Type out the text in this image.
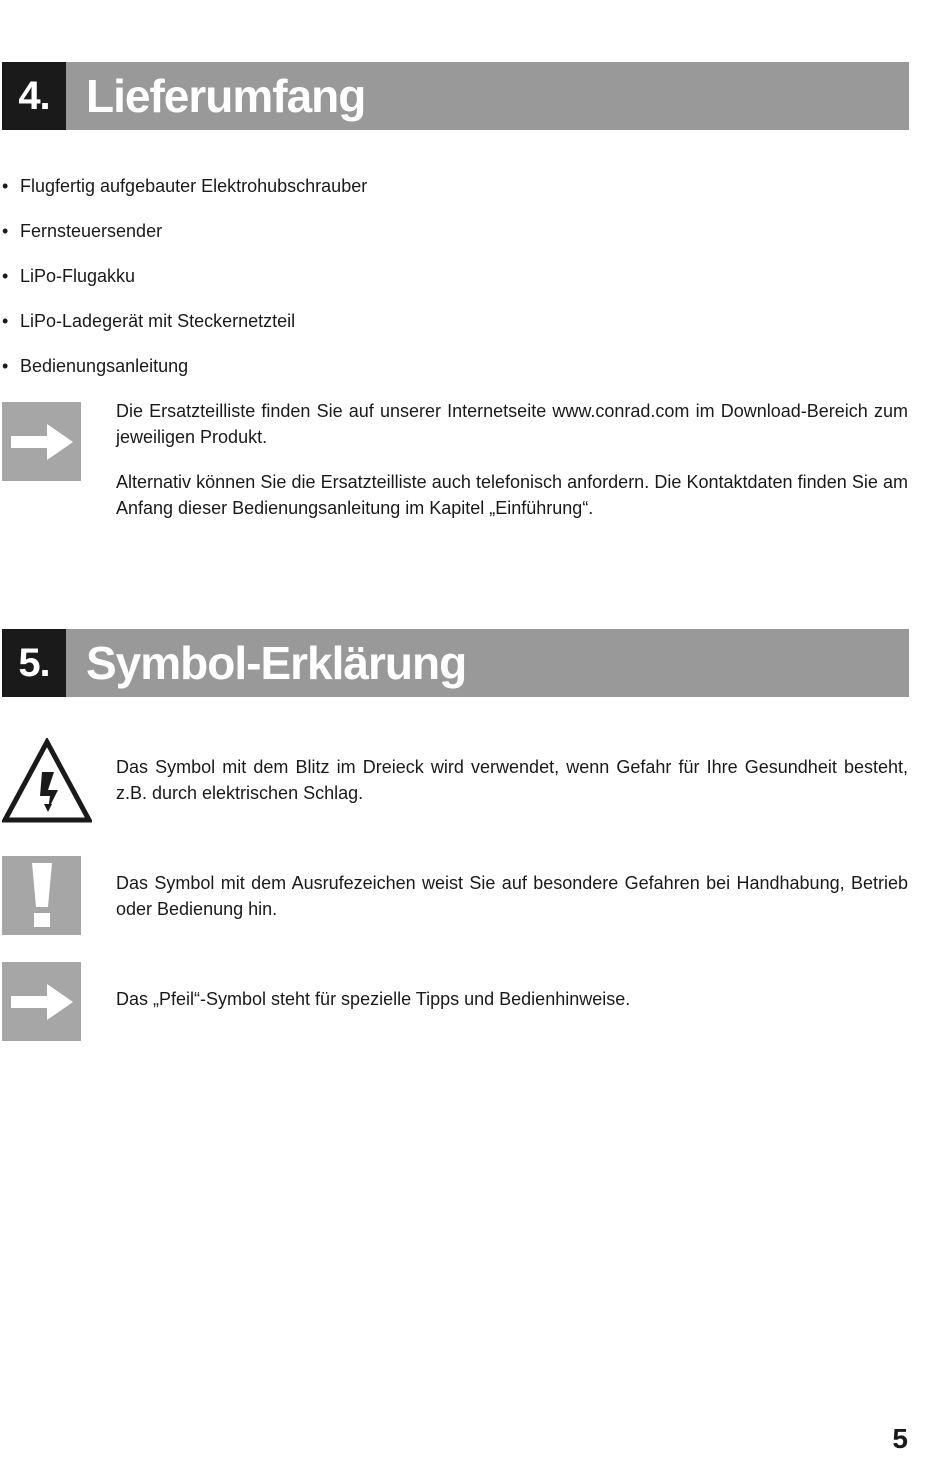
4. Lieferumfang
• Flugfertig aufgebauter Elektrohubschrauber
• Fernsteuersender
• LiPo-Flugakku
• LiPo-Ladegerät mit Steckernetzteil
• Bedienungsanleitung
Die Ersatzteilliste finden Sie auf unserer Internetseite www.conrad.com im Download-Bereich zum jeweiligen Produkt.
Alternativ können Sie die Ersatzteilliste auch telefonisch anfordern. Die Kontaktdaten finden Sie am Anfang dieser Bedienungsanleitung im Kapitel „Einführung“.
5. Symbol-Erklärung
Das Symbol mit dem Blitz im Dreieck wird verwendet, wenn Gefahr für Ihre Gesundheit besteht, z.B. durch elektrischen Schlag.
Das Symbol mit dem Ausrufezeichen weist Sie auf besondere Gefahren bei Handhabung, Betrieb oder Bedienung hin.
Das „Pfeil“-Symbol steht für spezielle Tipps und Bedienhinweise.
5
